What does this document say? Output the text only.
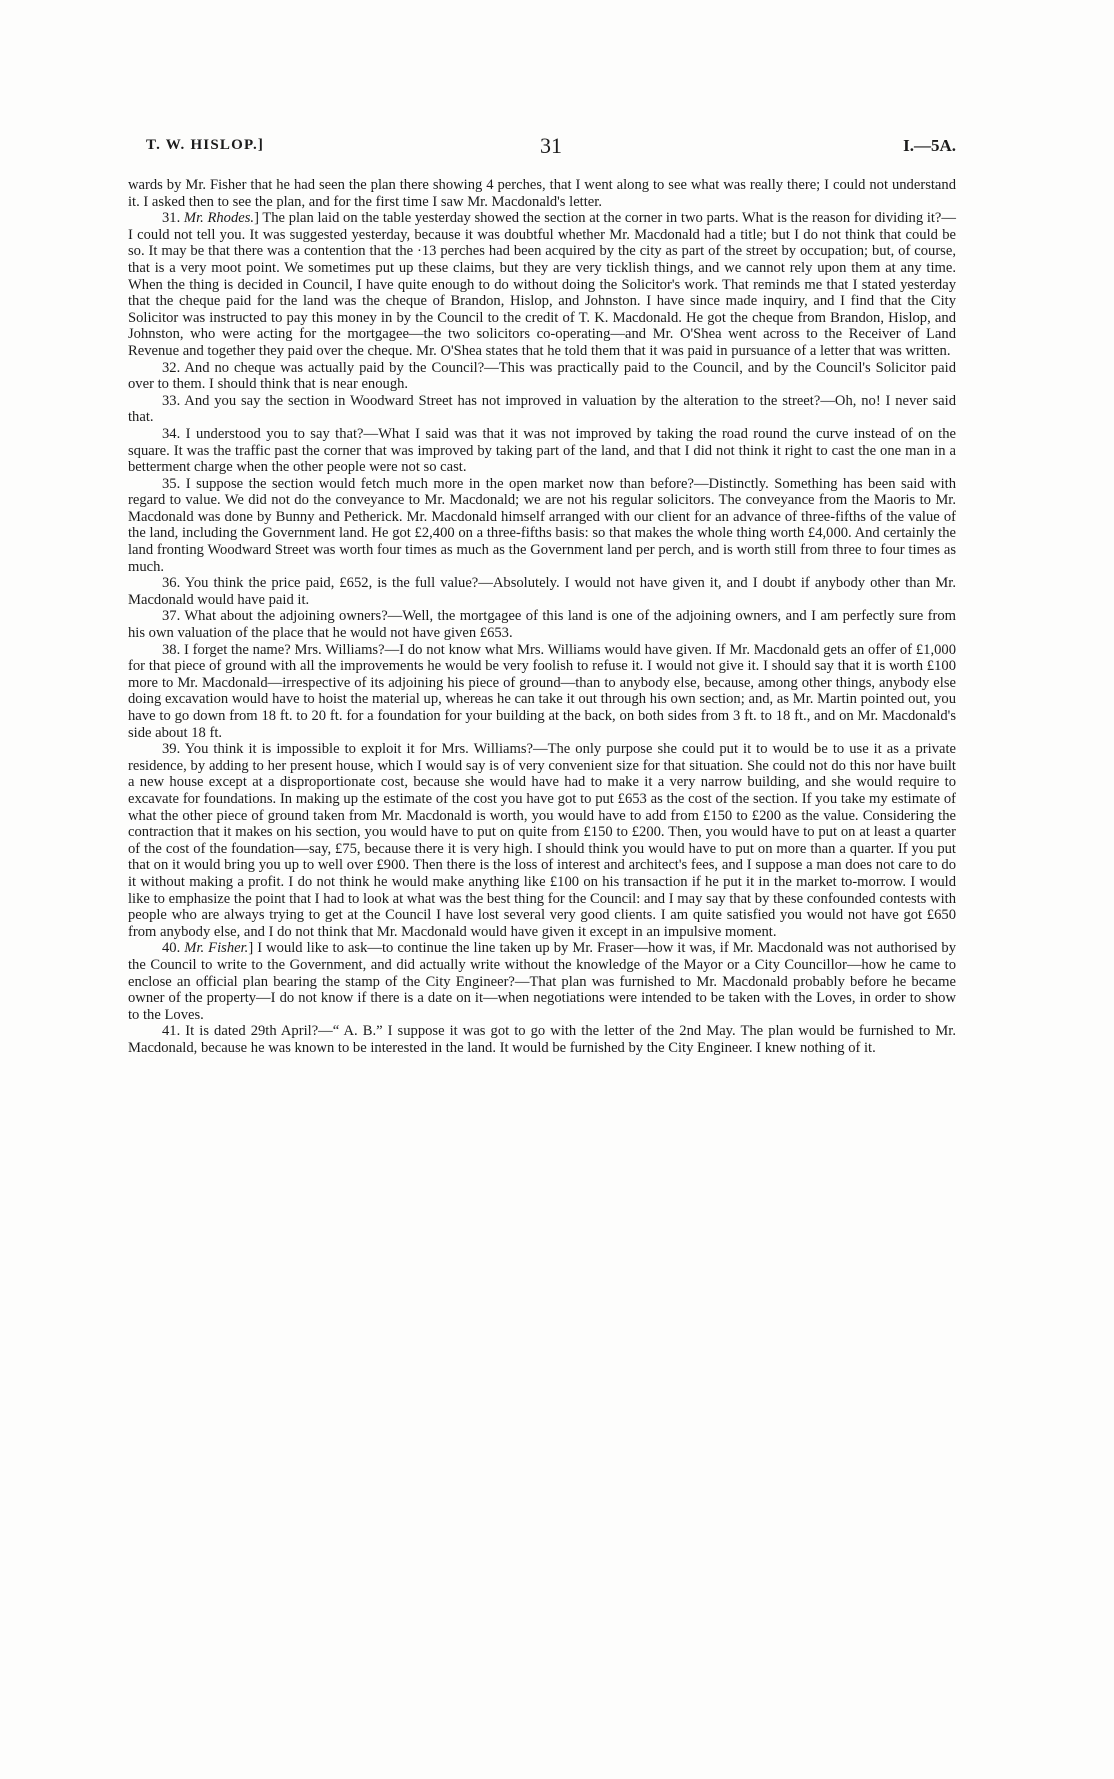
T. W. HISLOP.]	31	I.—5A.

wards by Mr. Fisher that he had seen the plan there showing 4 perches, that I went along to see what was really there; I could not understand it. I asked then to see the plan, and for the first time I saw Mr. Macdonald's letter.

31. Mr. Rhodes.] The plan laid on the table yesterday showed the section at the corner in two parts. What is the reason for dividing it?—I could not tell you. It was suggested yesterday, because it was doubtful whether Mr. Macdonald had a title; but I do not think that could be so. It may be that there was a contention that the ·13 perches had been acquired by the city as part of the street by occupation; but, of course, that is a very moot point. We sometimes put up these claims, but they are very ticklish things, and we cannot rely upon them at any time. When the thing is decided in Council, I have quite enough to do without doing the Solicitor's work. That reminds me that I stated yesterday that the cheque paid for the land was the cheque of Brandon, Hislop, and Johnston. I have since made inquiry, and I find that the City Solicitor was instructed to pay this money in by the Council to the credit of T. K. Macdonald. He got the cheque from Brandon, Hislop, and Johnston, who were acting for the mortgagee—the two solicitors co-operating—and Mr. O'Shea went across to the Receiver of Land Revenue and together they paid over the cheque. Mr. O'Shea states that he told them that it was paid in pursuance of a letter that was written.

32. And no cheque was actually paid by the Council?—This was practically paid to the Council, and by the Council's Solicitor paid over to them. I should think that is near enough.

33. And you say the section in Woodward Street has not improved in valuation by the alteration to the street?—Oh, no! I never said that.

34. I understood you to say that?—What I said was that it was not improved by taking the road round the curve instead of on the square. It was the traffic past the corner that was improved by taking part of the land, and that I did not think it right to cast the one man in a betterment charge when the other people were not so cast.

35. I suppose the section would fetch much more in the open market now than before?—Distinctly. Something has been said with regard to value. We did not do the conveyance to Mr. Macdonald; we are not his regular solicitors. The conveyance from the Maoris to Mr. Macdonald was done by Bunny and Petherick. Mr. Macdonald himself arranged with our client for an advance of three-fifths of the value of the land, including the Government land. He got £2,400 on a three-fifths basis: so that makes the whole thing worth £4,000. And certainly the land fronting Woodward Street was worth four times as much as the Government land per perch, and is worth still from three to four times as much.

36. You think the price paid, £652, is the full value?—Absolutely. I would not have given it, and I doubt if anybody other than Mr. Macdonald would have paid it.

37. What about the adjoining owners?—Well, the mortgagee of this land is one of the adjoining owners, and I am perfectly sure from his own valuation of the place that he would not have given £653.

38. I forget the name? Mrs. Williams?—I do not know what Mrs. Williams would have given. If Mr. Macdonald gets an offer of £1,000 for that piece of ground with all the improvements he would be very foolish to refuse it. I would not give it. I should say that it is worth £100 more to Mr. Macdonald—irrespective of its adjoining his piece of ground—than to anybody else, because, among other things, anybody else doing excavation would have to hoist the material up, whereas he can take it out through his own section; and, as Mr. Martin pointed out, you have to go down from 18 ft. to 20 ft. for a foundation for your building at the back, on both sides from 3 ft. to 18 ft., and on Mr. Macdonald's side about 18 ft.

39. You think it is impossible to exploit it for Mrs. Williams?—The only purpose she could put it to would be to use it as a private residence, by adding to her present house, which I would say is of very convenient size for that situation. She could not do this nor have built a new house except at a disproportionate cost, because she would have had to make it a very narrow building, and she would require to excavate for foundations. In making up the estimate of the cost you have got to put £653 as the cost of the section. If you take my estimate of what the other piece of ground taken from Mr. Macdonald is worth, you would have to add from £150 to £200 as the value. Considering the contraction that it makes on his section, you would have to put on quite from £150 to £200. Then, you would have to put on at least a quarter of the cost of the foundation—say, £75, because there it is very high. I should think you would have to put on more than a quarter. If you put that on it would bring you up to well over £900. Then there is the loss of interest and architect's fees, and I suppose a man does not care to do it without making a profit. I do not think he would make anything like £100 on his transaction if he put it in the market to-morrow. I would like to emphasize the point that I had to look at what was the best thing for the Council: and I may say that by these confounded contests with people who are always trying to get at the Council I have lost several very good clients. I am quite satisfied you would not have got £650 from anybody else, and I do not think that Mr. Macdonald would have given it except in an impulsive moment.

40. Mr. Fisher.] I would like to ask—to continue the line taken up by Mr. Fraser—how it was, if Mr. Macdonald was not authorised by the Council to write to the Government, and did actually write without the knowledge of the Mayor or a City Councillor—how he came to enclose an official plan bearing the stamp of the City Engineer?—That plan was furnished to Mr. Macdonald probably before he became owner of the property—I do not know if there is a date on it—when negotiations were intended to be taken with the Loves, in order to show to the Loves.

41. It is dated 29th April?—“ A. B.” I suppose it was got to go with the letter of the 2nd May. The plan would be furnished to Mr. Macdonald, because he was known to be interested in the land. It would be furnished by the City Engineer. I knew nothing of it.
